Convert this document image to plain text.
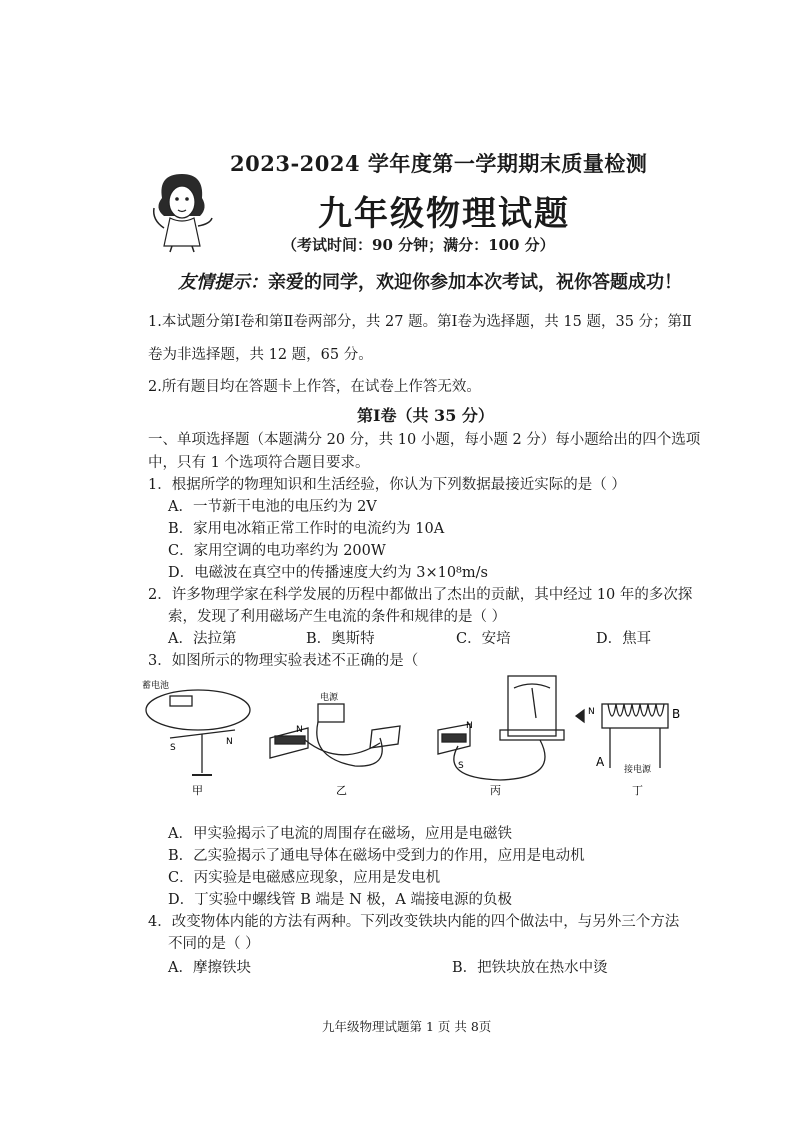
2023-2024 学年度第一学期期末质量检测
九年级物理试题
（考试时间：90 分钟；满分：100 分）
友情提示：亲爱的同学，欢迎你参加本次考试，祝你答题成功！
1.本试题分第Ⅰ卷和第Ⅱ卷两部分，共 27 题。第Ⅰ卷为选择题，共 15 题，35 分；第Ⅱ
卷为非选择题，共 12 题，65 分。
2.所有题目均在答题卡上作答，在试卷上作答无效。
第Ⅰ卷（共 35 分）
一、单项选择题（本题满分 20 分，共 10 小题，每小题 2 分）每小题给出的四个选项
中，只有 1 个选项符合题目要求。
1．根据所学的物理知识和生活经验，你认为下列数据最接近实际的是（ ）
A．一节新干电池的电压约为 2V
B．家用电冰箱正常工作时的电流约为 10A
C．家用空调的电功率约为 200W
D．电磁波在真空中的传播速度大约为 3×10⁸m/s
2．许多物理学家在科学发展的历程中都做出了杰出的贡献，其中经过 10 年的多次探
索，发现了利用磁场产生电流的条件和规律的是（ ）
A．法拉第	B．奥斯特	C．安培	D．焦耳
3．如图所示的物理实验表述不正确的是（
蓄电池
S
N
甲
电源
N
乙
N
S
丙
N	B
A
接电源
丁
A．甲实验揭示了电流的周围存在磁场，应用是电磁铁
B．乙实验揭示了通电导体在磁场中受到力的作用，应用是电动机
C．丙实验是电磁感应现象，应用是发电机
D．丁实验中螺线管 B 端是 N 极，A 端接电源的负极
4．改变物体内能的方法有两种。下列改变铁块内能的四个做法中，与另外三个方法
不同的是（ ）
A．摩擦铁块	B．把铁块放在热水中烫
九年级物理试题第 1 页 共 8页
